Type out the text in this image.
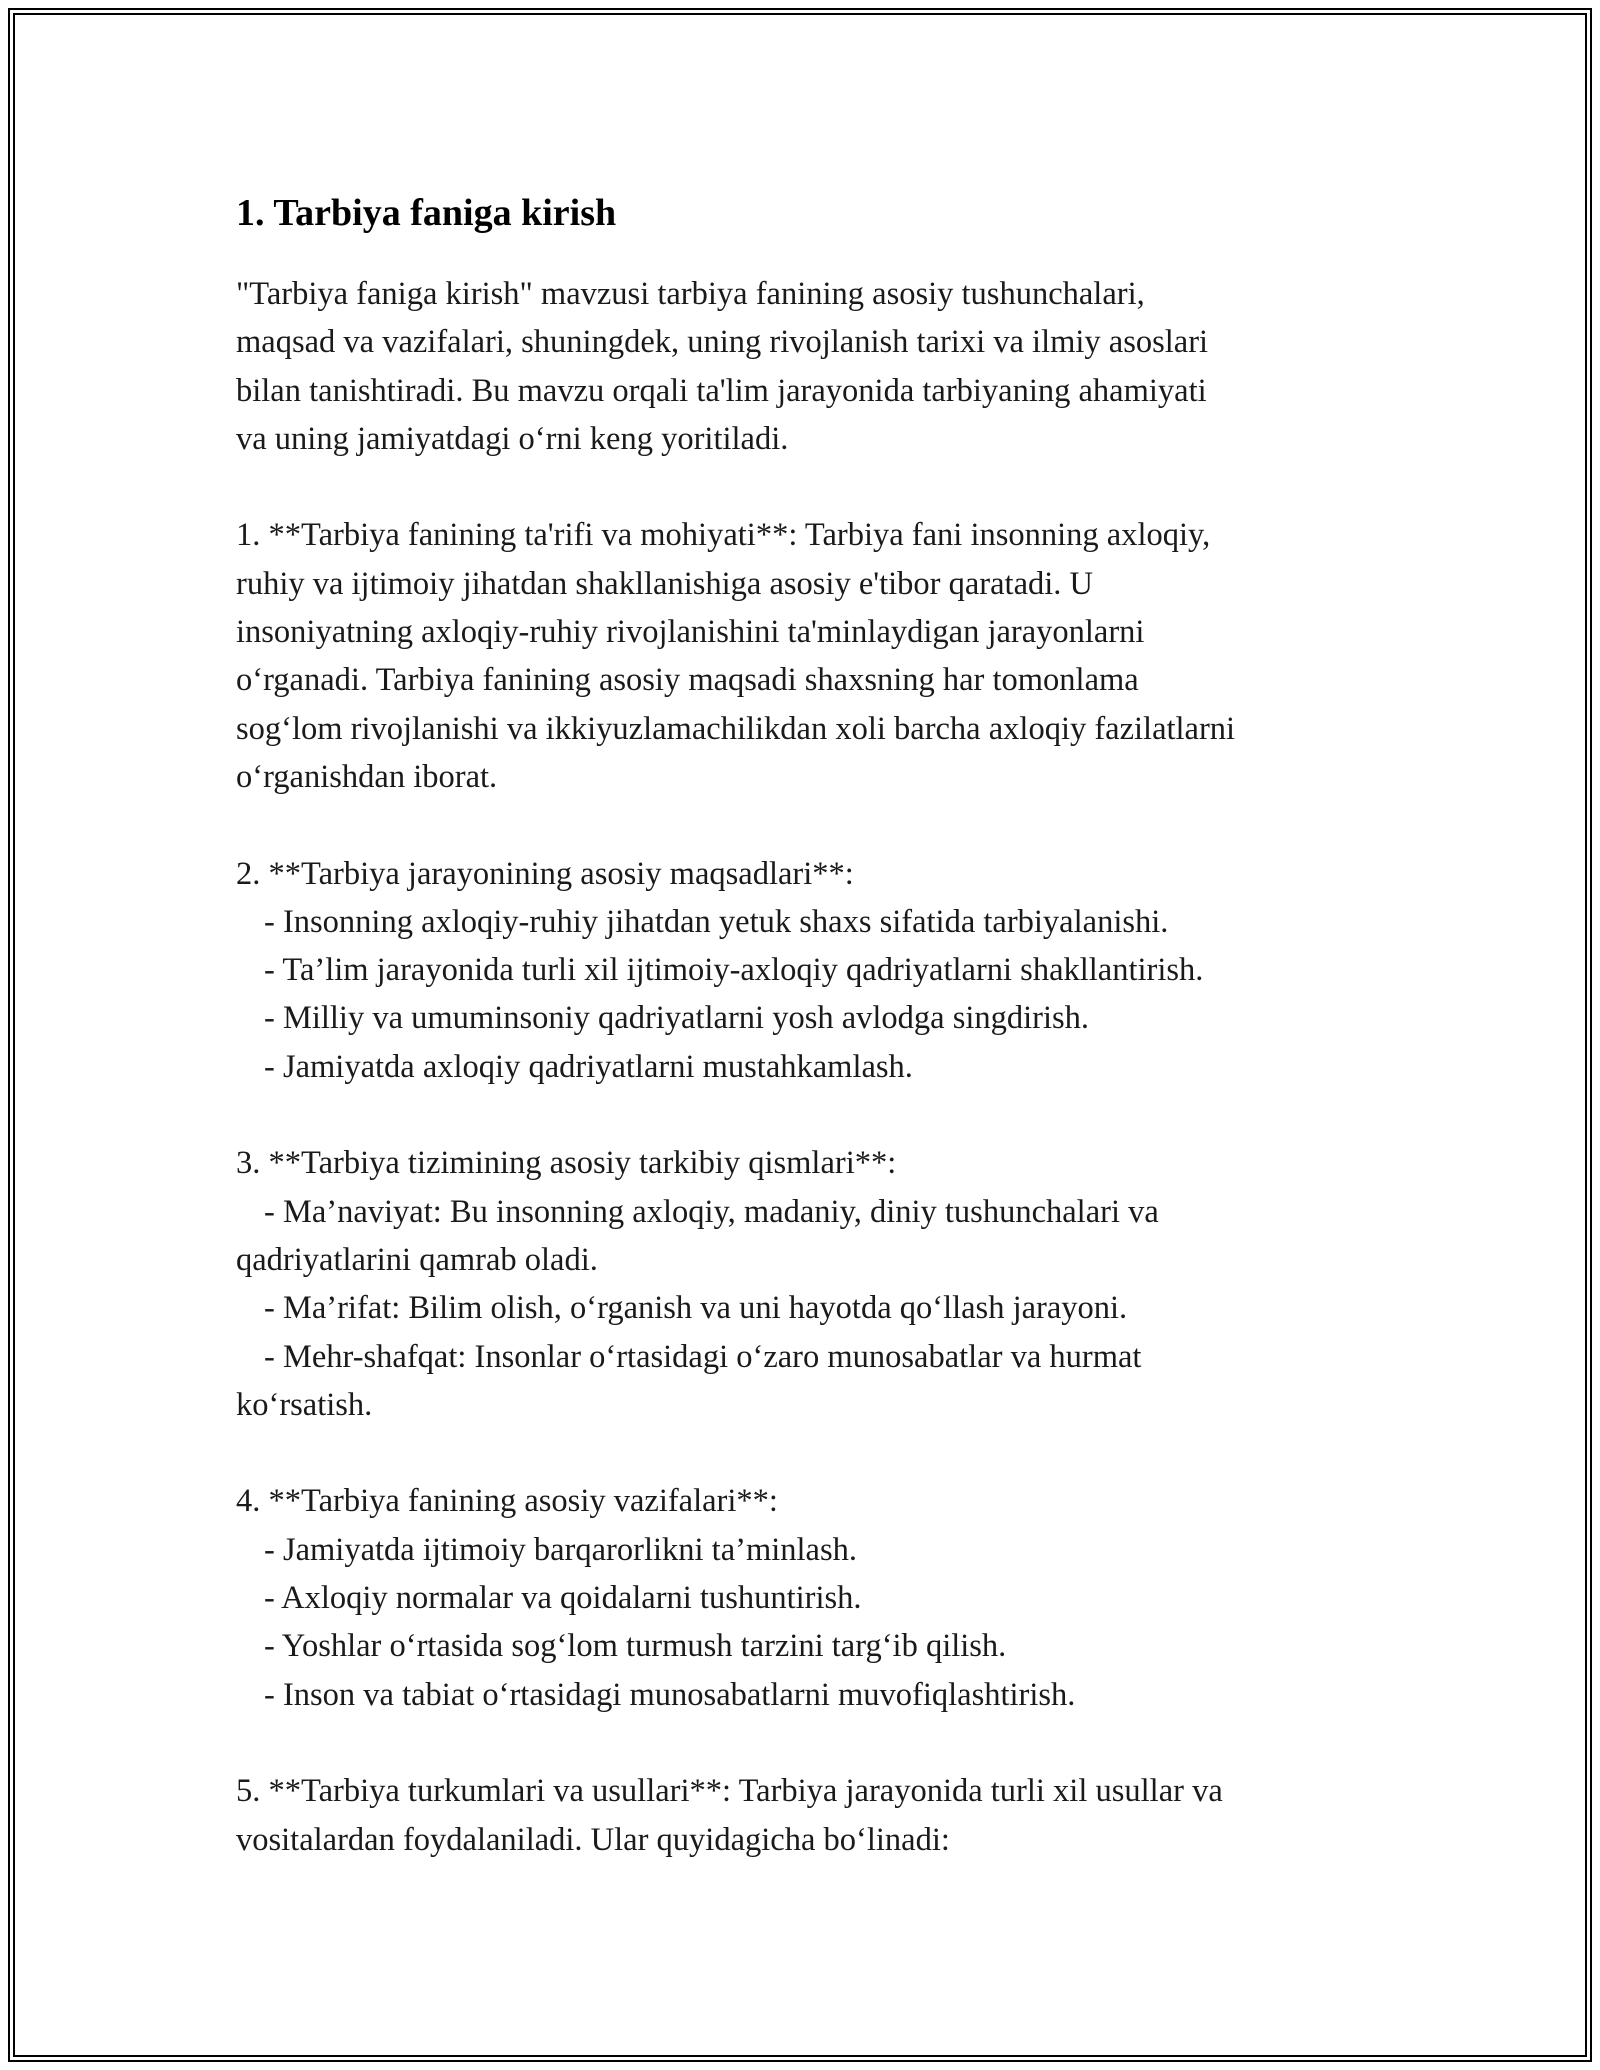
1. Tarbiya faniga kirish

"Tarbiya faniga kirish" mavzusi tarbiya fanining asosiy tushunchalari,
maqsad va vazifalari, shuningdek, uning rivojlanish tarixi va ilmiy asoslari
bilan tanishtiradi. Bu mavzu orqali ta'lim jarayonida tarbiyaning ahamiyati
va uning jamiyatdagi o‘rni keng yoritiladi.

1. **Tarbiya fanining ta'rifi va mohiyati**: Tarbiya fani insonning axloqiy,
ruhiy va ijtimoiy jihatdan shakllanishiga asosiy e'tibor qaratadi. U
insoniyatning axloqiy-ruhiy rivojlanishini ta'minlaydigan jarayonlarni
o‘rganadi. Tarbiya fanining asosiy maqsadi shaxsning har tomonlama
sog‘lom rivojlanishi va ikkiyuzlamachilikdan xoli barcha axloqiy fazilatlarni
o‘rganishdan iborat.

2. **Tarbiya jarayonining asosiy maqsadlari**:

- Insonning axloqiy-ruhiy jihatdan yetuk shaxs sifatida tarbiyalanishi.

- Ta’lim jarayonida turli xil ijtimoiy-axloqiy qadriyatlarni shakllantirish.

- Milliy va umuminsoniy qadriyatlarni yosh avlodga singdirish.

- Jamiyatda axloqiy qadriyatlarni mustahkamlash.

3. **Tarbiya tizimining asosiy tarkibiy qismlari**:

- Ma’naviyat: Bu insonning axloqiy, madaniy, diniy tushunchalari va

qadriyatlarini qamrab oladi.

- Ma’rifat: Bilim olish, o‘rganish va uni hayotda qo‘llash jarayoni.

- Mehr-shafqat: Insonlar o‘rtasidagi o‘zaro munosabatlar va hurmat

ko‘rsatish.

4. **Tarbiya fanining asosiy vazifalari**:

- Jamiyatda ijtimoiy barqarorlikni ta’minlash.

- Axloqiy normalar va qoidalarni tushuntirish.

- Yoshlar o‘rtasida sog‘lom turmush tarzini targ‘ib qilish.

- Inson va tabiat o‘rtasidagi munosabatlarni muvofiqlashtirish.

5. **Tarbiya turkumlari va usullari**: Tarbiya jarayonida turli xil usullar va
vositalardan foydalaniladi. Ular quyidagicha bo‘linadi:
